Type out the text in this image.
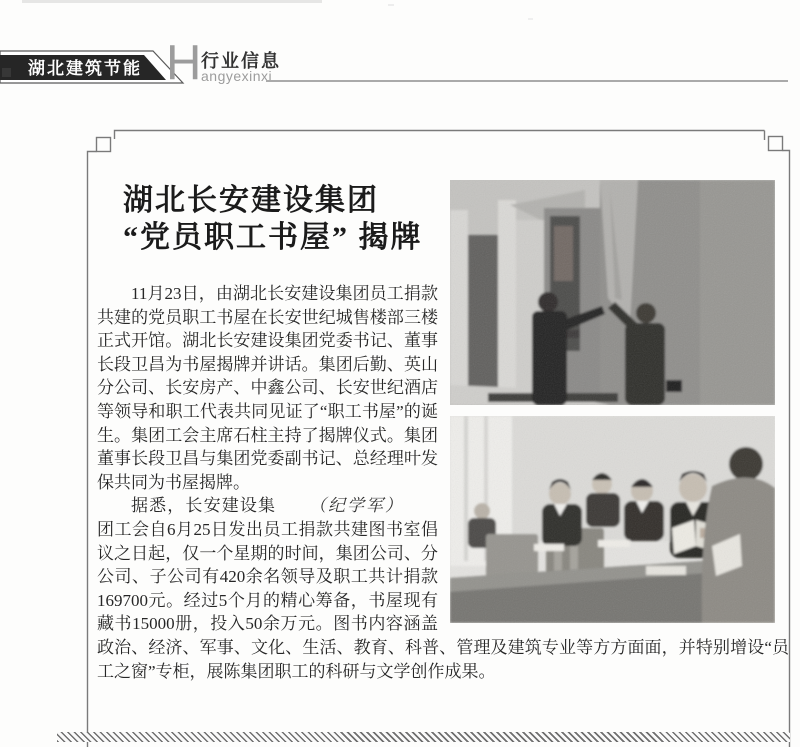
湖北建筑节能 H 行业信息
angyexinxi
湖北长安建设集团
“党员职工书屋” 揭牌

11月23日，由湖北长安建设集团员工捐款共建的党员职工书屋在长安世纪城售楼部三楼正式开馆。湖北长安建设集团党委书记、董事长段卫昌为书屋揭牌并讲话。集团后勤、英山分公司、长安房产、中鑫公司、长安世纪酒店等领导和职工代表共同见证了“职工书屋”的诞生。集团工会主席石柱主持了揭牌仪式。集团董事长段卫昌与集团党委副书记、总经理叶发保共同为书屋揭牌。

（纪学军）
据悉，长安建设集团工会自6月25日发出员工捐款共建图书室倡议之日起，仅一个星期的时间，集团公司、分公司、子公司有420余名领导及职工共计捐款169700元。经过5个月的精心筹备，书屋现有藏书15000册，投入50余万元。图书内容涵盖政治、经济、军事、文化、生活、教育、科普、管理及建筑专业等方方面面，并特别增设“员工之窗”专柜，展陈集团职工的科研与文学创作成果。
